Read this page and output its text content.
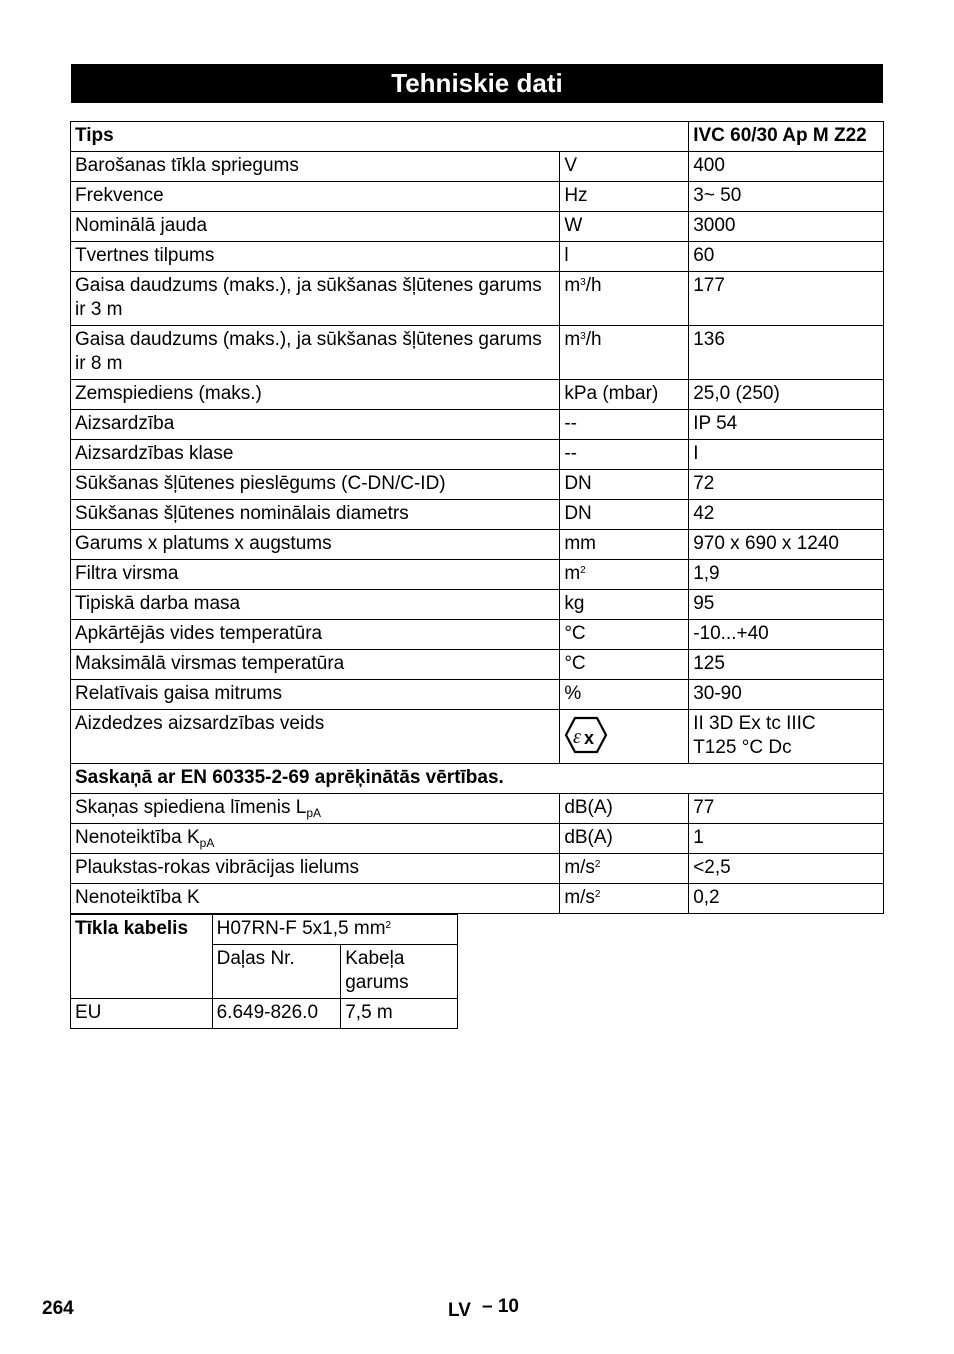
Tehniskie dati
Tips		IVC 60/30 Ap M Z22
Barošanas tīkla spriegums	V	400
Frekvence	Hz	3~ 50
Nominālā jauda	W	3000
Tvertnes tilpums	l	60
Gaisa daudzums (maks.), ja sūkšanas šļūtenes garums ir 3 m	$m^3/h$	177
Gaisa daudzums (maks.), ja sūkšanas šļūtenes garums ir 8 m	$m^3/h$	136
Zemspiediens (maks.)	kPa (mbar)	25,0 (250)
Aizsardzība	--	IP 54
Aizsardzības klase	--	I
Sūkšanas šļūtenes pieslēgums (C-DN/C-ID)	DN	72
Sūkšanas šļūtenes nominālais diametrs	DN	42
Garums x platums x augstums	mm	970 x 690 x 1240
Filtra virsma	$m^2$	1,9
Tipiskā darba masa	kg	95
Apkārtējās vides temperatūra	°C	-10...+40
Maksimālā virsmas temperatūra	°C	125
Relatīvais gaisa mitrums	%	30-90
Aizdedzes aizsardzības veids	ε x	II 3D Ex tc IIIC
T125 °C Dc
Saskaņā ar EN 60335-2-69 aprēķinātās vērtības.		
Skaņas spiediena līmenis $L_{pA}$	dB(A)	77
Nenoteiktība $K_{pA}$	dB(A)	1
Plaukstas-rokas vibrācijas lielums	$m/s^2$	<2,5
Nenoteiktība K	$m/s^2$	0,2
Tīkla kabelis	H07RN-F 5x1,5 $mm^2$
	Daļas Nr.	Kabeļa
garums
EU	6.649-826.0	7,5 m
264	LV – 10
